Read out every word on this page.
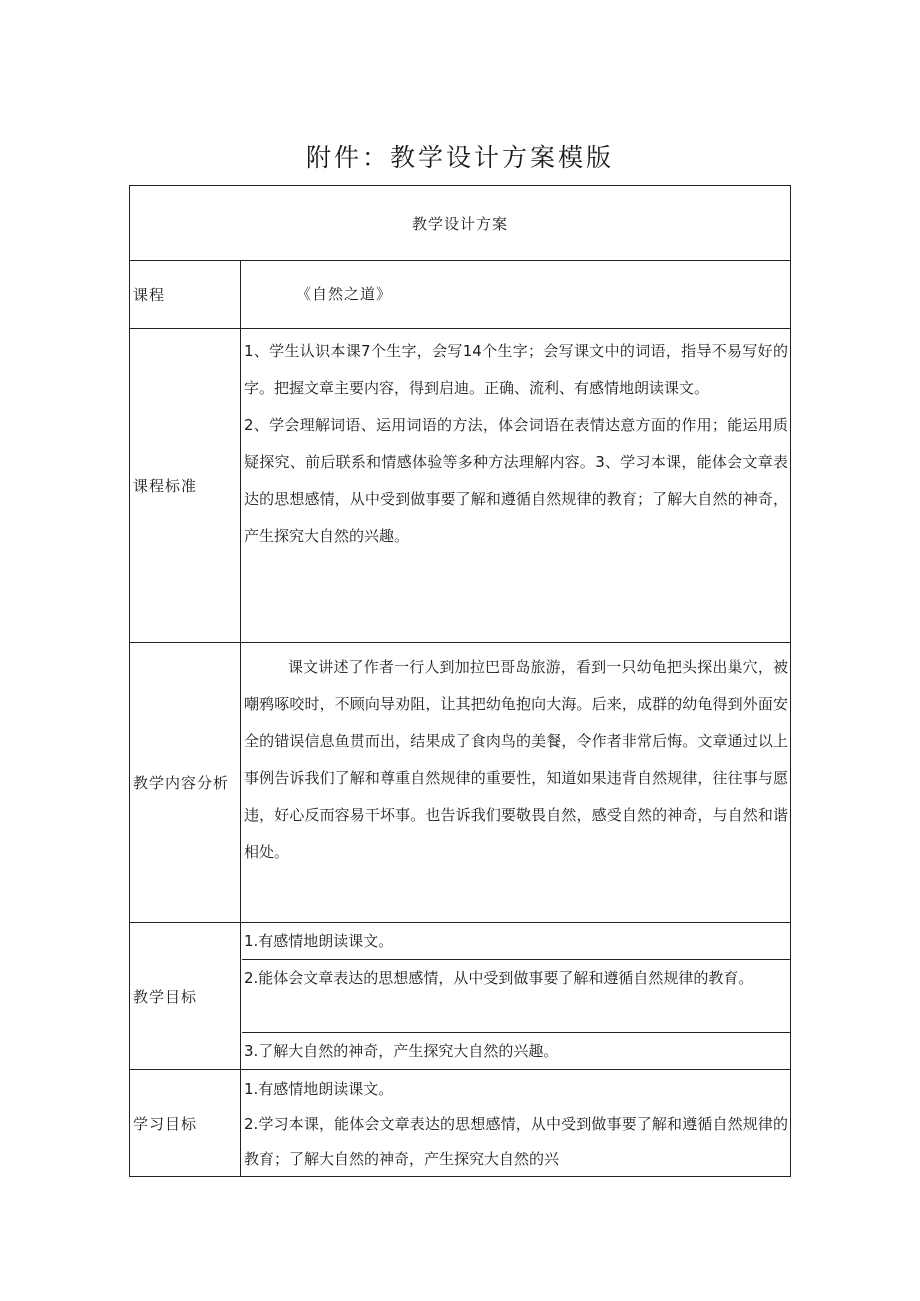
附件：教学设计方案模版
教学设计方案
课程	《自然之道》
课程标准
1、学生认识本课7个生字，会写14个生字；会写课文中的词语，指导不易写好的字。把握文章主要内容，得到启迪。正确、流利、有感情地朗读课文。
2、学会理解词语、运用词语的方法，体会词语在表情达意方面的作用；能运用质疑探究、前后联系和情感体验等多种方法理解内容。3、学习本课，能体会文章表达的思想感情，从中受到做事要了解和遵循自然规律的教育；了解大自然的神奇，产生探究大自然的兴趣。
教学内容分析
课文讲述了作者一行人到加拉巴哥岛旅游，看到一只幼龟把头探出巢穴，被嘲鸦啄咬时，不顾向导劝阻，让其把幼龟抱向大海。后来，成群的幼龟得到外面安全的错误信息鱼贯而出，结果成了食肉鸟的美餐，令作者非常后悔。文章通过以上事例告诉我们了解和尊重自然规律的重要性，知道如果违背自然规律，往往事与愿违，好心反而容易干坏事。也告诉我们要敬畏自然，感受自然的神奇，与自然和谐相处。
教学目标
1.有感情地朗读课文。
2.能体会文章表达的思想感情，从中受到做事要了解和遵循自然规律的教育。
3.了解大自然的神奇，产生探究大自然的兴趣。
学习目标
1.有感情地朗读课文。
2.学习本课，能体会文章表达的思想感情，从中受到做事要了解和遵循自然规律的教育；了解大自然的神奇，产生探究大自然的兴
